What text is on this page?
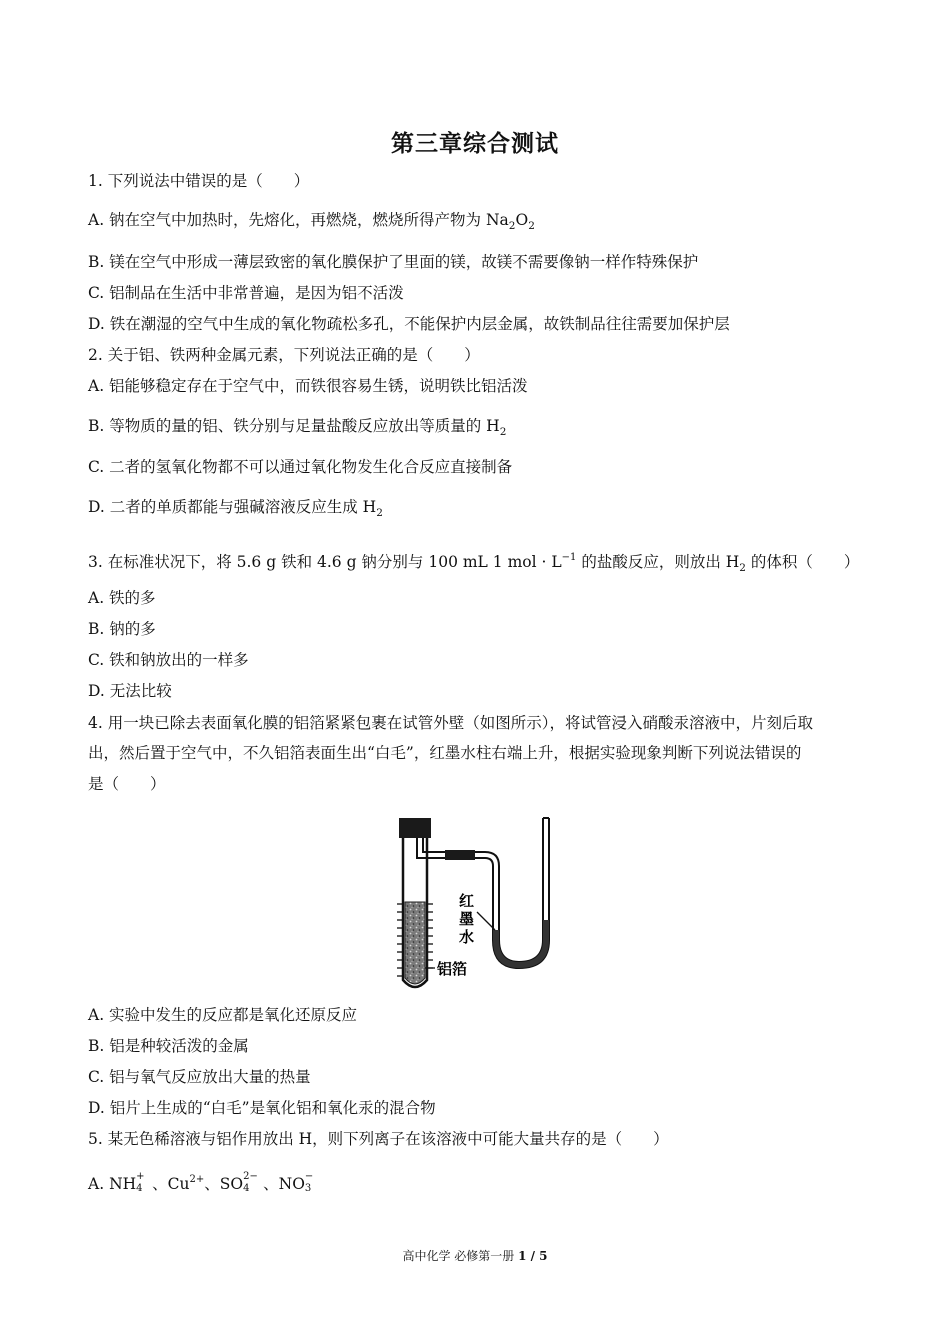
第三章综合测试
1. 下列说法中错误的是（　　）
A. 钠在空气中加热时，先熔化，再燃烧，燃烧所得产物为 $Na_2O_2$
B. 镁在空气中形成一薄层致密的氧化膜保护了里面的镁，故镁不需要像钠一样作特殊保护
C. 铝制品在生活中非常普遍，是因为铝不活泼
D. 铁在潮湿的空气中生成的氧化物疏松多孔，不能保护内层金属，故铁制品往往需要加保护层
2. 关于铝、铁两种金属元素，下列说法正确的是（　　）
A. 铝能够稳定存在于空气中，而铁很容易生锈，说明铁比铝活泼
B. 等物质的量的铝、铁分别与足量盐酸反应放出等质量的 $H_2$
C. 二者的氢氧化物都不可以通过氧化物发生化合反应直接制备
D. 二者的单质都能与强碱溶液反应生成 $H_2$
3. 在标准状况下，将 5.6 g 铁和 4.6 g 钠分别与 100 mL 1 mol · $L^{-1}$ 的盐酸反应，则放出 $H_2$ 的体积（　　）
A. 铁的多
B. 钠的多
C. 铁和钠放出的一样多
D. 无法比较
4. 用一块已除去表面氧化膜的铝箔紧紧包裹在试管外壁（如图所示），将试管浸入硝酸汞溶液中，片刻后取
出，然后置于空气中，不久铝箔表面生出“白毛”，红墨水柱右端上升，根据实验现象判断下列说法错误的
是（　　）
红
墨
水
铝箔
A. 实验中发生的反应都是氧化还原反应
B. 铝是种较活泼的金属
C. 铝与氧气反应放出大量的热量
D. 铝片上生成的“白毛”是氧化铝和氧化汞的混合物
5. 某无色稀溶液与铝作用放出 H，则下列离子在该溶液中可能大量共存的是（　　）
A. NH +
4 、$Cu^{2+}$、SO 2−
4 、NO −
3
高中化学 必修第一册 1 / 5
